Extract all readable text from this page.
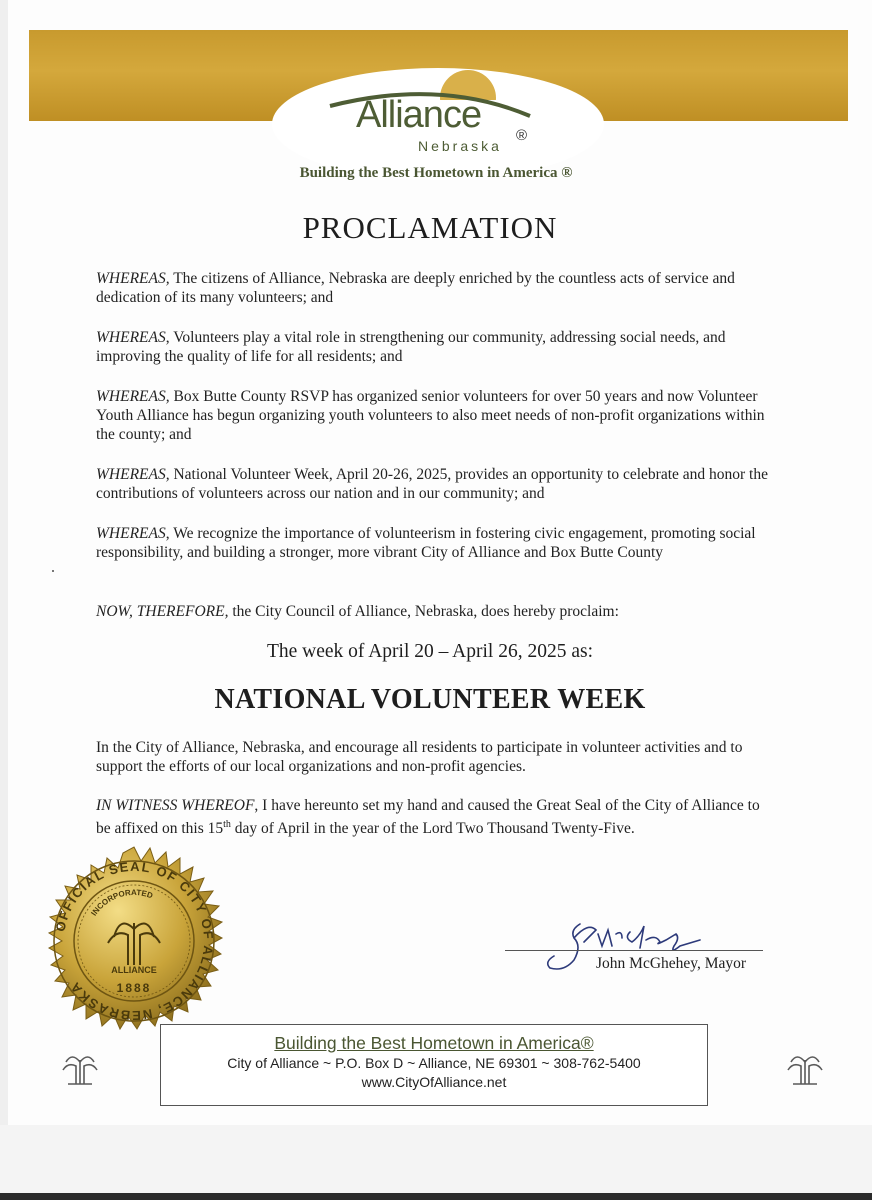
Alliance
Nebraska
®
Building the Best Hometown in America ®
PROCLAMATION
WHEREAS, The citizens of Alliance, Nebraska are deeply enriched by the countless acts of service and dedication of its many volunteers; and
WHEREAS, Volunteers play a vital role in strengthening our community, addressing social needs, and improving the quality of life for all residents; and
WHEREAS, Box Butte County RSVP has organized senior volunteers for over 50 years and now Volunteer Youth Alliance has begun organizing youth volunteers to also meet needs of non-profit organizations within the county; and
WHEREAS, National Volunteer Week, April 20-26, 2025, provides an opportunity to celebrate and honor the contributions of volunteers across our nation and in our community; and
WHEREAS, We recognize the importance of volunteerism in fostering civic engagement, promoting social responsibility, and building a stronger, more vibrant City of Alliance and Box Butte County
NOW, THEREFORE, the City Council of Alliance, Nebraska, does hereby proclaim:
The week of April 20 – April 26, 2025 as:
NATIONAL VOLUNTEER WEEK
In the City of Alliance, Nebraska, and encourage all residents to participate in volunteer activities and to support the efforts of our local organizations and non-profit agencies.
IN WITNESS WHEREOF, I have hereunto set my hand and caused the Great Seal of the City of Alliance to be affixed on this 15th day of April in the year of the Lord Two Thousand Twenty-Five.
OFFICIAL SEAL OF CITY OF ALLIANCE, NEBRASKA
INCORPORATED
ALLIANCE
1888
John McGhehey, Mayor
Building the Best Hometown in America®
City of Alliance ~ P.O. Box D ~ Alliance, NE 69301 ~ 308-762-5400
www.CityOfAlliance.net
